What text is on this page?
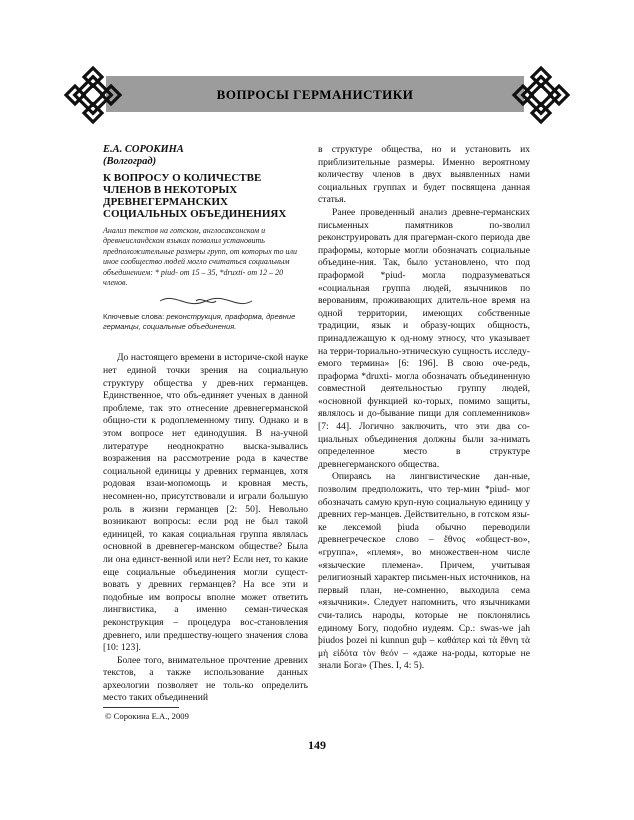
ВОПРОСЫ ГЕРМАНИСТИКИ
Е.А. СОРОКИНА
(Волгоград)
К ВОПРОСУ О КОЛИЧЕСТВЕ ЧЛЕНОВ В НЕКОТОРЫХ ДРЕВНЕГЕРМАНСКИХ СОЦИАЛЬНЫХ ОБЪЕДИНЕНИЯХ
Анализ текстов на готском, англосаксонском и древнеисландском языках позволил установить предположительные размеры групп, от которых то или иное сообщество людей могло считаться социальным объединением: * piud- от 15 – 35, *druxti- от 12 – 20 членов.
Ключевые слова: реконструкция, праформа, древние германцы, социальные объединения.

До настоящего времени в историче-ской науке нет единой точки зрения на социальную структуру общества у древ-них германцев. Единственное, что объ-единяет ученых в данной проблеме, так это отнесение древнегерманской общно-сти к родоплеменному типу. Однако и в этом вопросе нет единодушия. В на-учной литературе неоднократно выска-зывались возражения на рассмотрение рода в качестве социальной единицы у древних германцев, хотя родовая взаи-мопомощь и кровная месть, несомнен-но, присутствовали и играли большую роль в жизни германцев [2: 50]. Невольно возникают вопросы: если род не был такой единицей, то какая социальная группа являлась основной в древнегер-манском обществе? Была ли она единст-венной или нет? Если нет, то какие еще социальные объединения могли сущест-вовать у древних германцев? На все эти и подобные им вопросы вполне может ответить лингвистика, а именно семан-тическая реконструкция – процедура вос-становления древнего, или предшеству-ющего значения слова [10: 123].

Более того, внимательное прочтение древних текстов, а также использование данных археологии позволяет не толь-ко определить место таких объединений

в структуре общества, но и установить их приблизительные размеры. Именно вероятному количеству членов в двух выявленных нами социальных группах и будет посвящена данная статья.

Ранее проведенный анализ древне-германских письменных памятников по-зволил реконструировать для прагерман-ского периода две праформы, которые могли обозначать социальные объедине-ния. Так, было установлено, что под праформой *piud- могла подразумеваться «социальная группа людей, язычников по верованиям, проживающих длитель-ное время на одной территории, имеющих собственные традиции, язык и образу-ющих общность, принадлежащую к од-ному этносу, что указывает на терри-ториально-этническую сущность исследу-емого термина» [6: 196]. В свою оче-редь, праформа *druxti- могла обозначать объединенную совместной деятельностью группу людей, «основной функцией ко-торых, помимо защиты, являлось и до-бывание пищи для соплеменников» [7: 44]. Логично заключить, что эти два со-циальных объединения должны были за-нимать определенное место в структуре древнегерманского общества.

Опираясь на лингвистические дан-ные, позволим предположить, что тер-мин *piud- мог обозначать самую круп-ную социальную единицу у древних гер-манцев. Действительно, в готском язы-ке лексемой þiuda обычно переводили древнегреческое слово – ἔθνος «общест-во», «группа», «племя», во множествен-ном числе «языческие племена». Причем, учитывая религиозный характер письмен-ных источников, на первый план, не-сомненно, выходила сема «язычники». Следует напомнить, что язычниками счи-тались народы, которые не поклонялись единому Богу, подобно иудеям. Ср.: swas-we jah þiudos þozei ni kunnun guþ – καθάπερ καὶ τὰ ἔθνη τὰ μὴ εἰδότα τὸν θεόν – «даже на-роды, которые не знали Бога» (Thes. I, 4: 5).

© Сорокина Е.А., 2009
149
